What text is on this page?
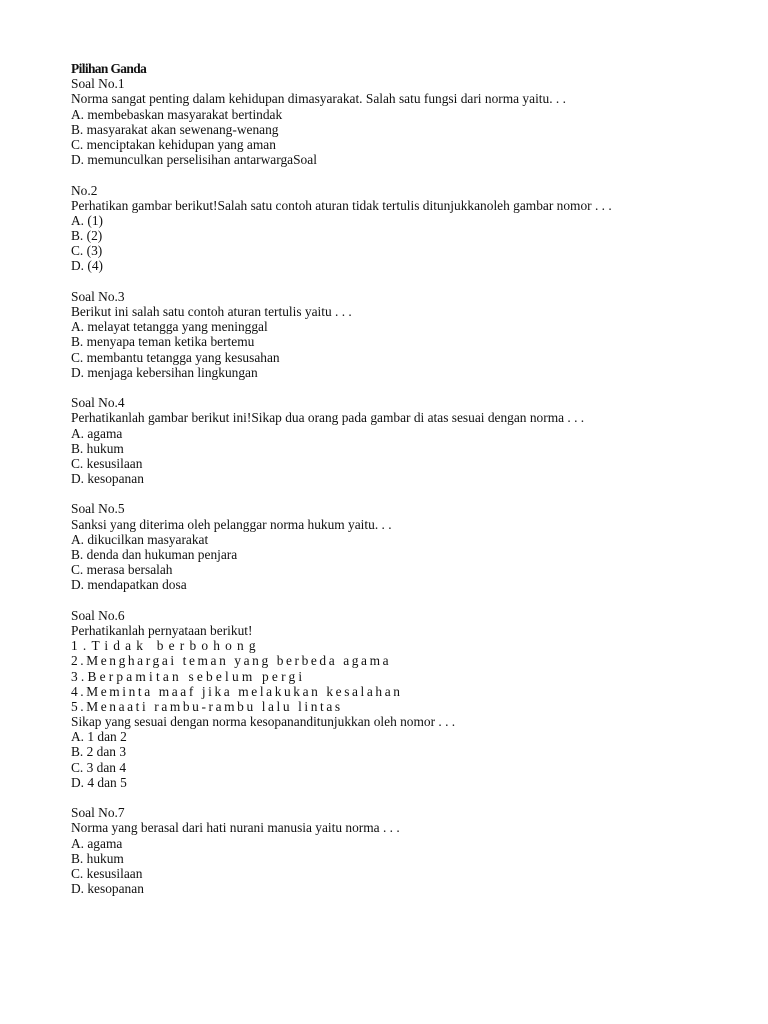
Pilihan Ganda
Soal No.1
Norma sangat penting dalam kehidupan dimasyarakat. Salah satu fungsi dari norma yaitu. . .
A. membebaskan masyarakat bertindak
B. masyarakat akan sewenang-wenang
C. menciptakan kehidupan yang aman
D. memunculkan perselisihan antarwargaSoal
No.2
Perhatikan gambar berikut!Salah satu contoh aturan tidak tertulis ditunjukkanoleh gambar nomor . . .
A. (1)
B. (2)
C. (3)
D. (4)
Soal No.3
Berikut ini salah satu contoh aturan tertulis yaitu . . .
A. melayat tetangga yang meninggal
B. menyapa teman ketika bertemu
C. membantu tetangga yang kesusahan
D. menjaga kebersihan lingkungan
Soal No.4
Perhatikanlah gambar berikut ini!Sikap dua orang pada gambar di atas sesuai dengan norma . . .
A. agama
B. hukum
C. kesusilaan
D. kesopanan
Soal No.5
Sanksi yang diterima oleh pelanggar norma hukum yaitu. . .
A. dikucilkan masyarakat
B. denda dan hukuman penjara
C. merasa bersalah
D. mendapatkan dosa
Soal No.6
Perhatikanlah pernyataan berikut!
1.Tidak berbohong
2.Menghargai teman yang berbeda agama
3.Berpamitan sebelum pergi
4.Meminta maaf jika melakukan kesalahan
5.Menaati rambu-rambu lalu lintas
Sikap yang sesuai dengan norma kesopananditunjukkan oleh nomor . . .
A. 1 dan 2
B. 2 dan 3
C. 3 dan 4
D. 4 dan 5
Soal No.7
Norma yang berasal dari hati nurani manusia yaitu norma . . .
A. agama
B. hukum
C. kesusilaan
D. kesopanan
